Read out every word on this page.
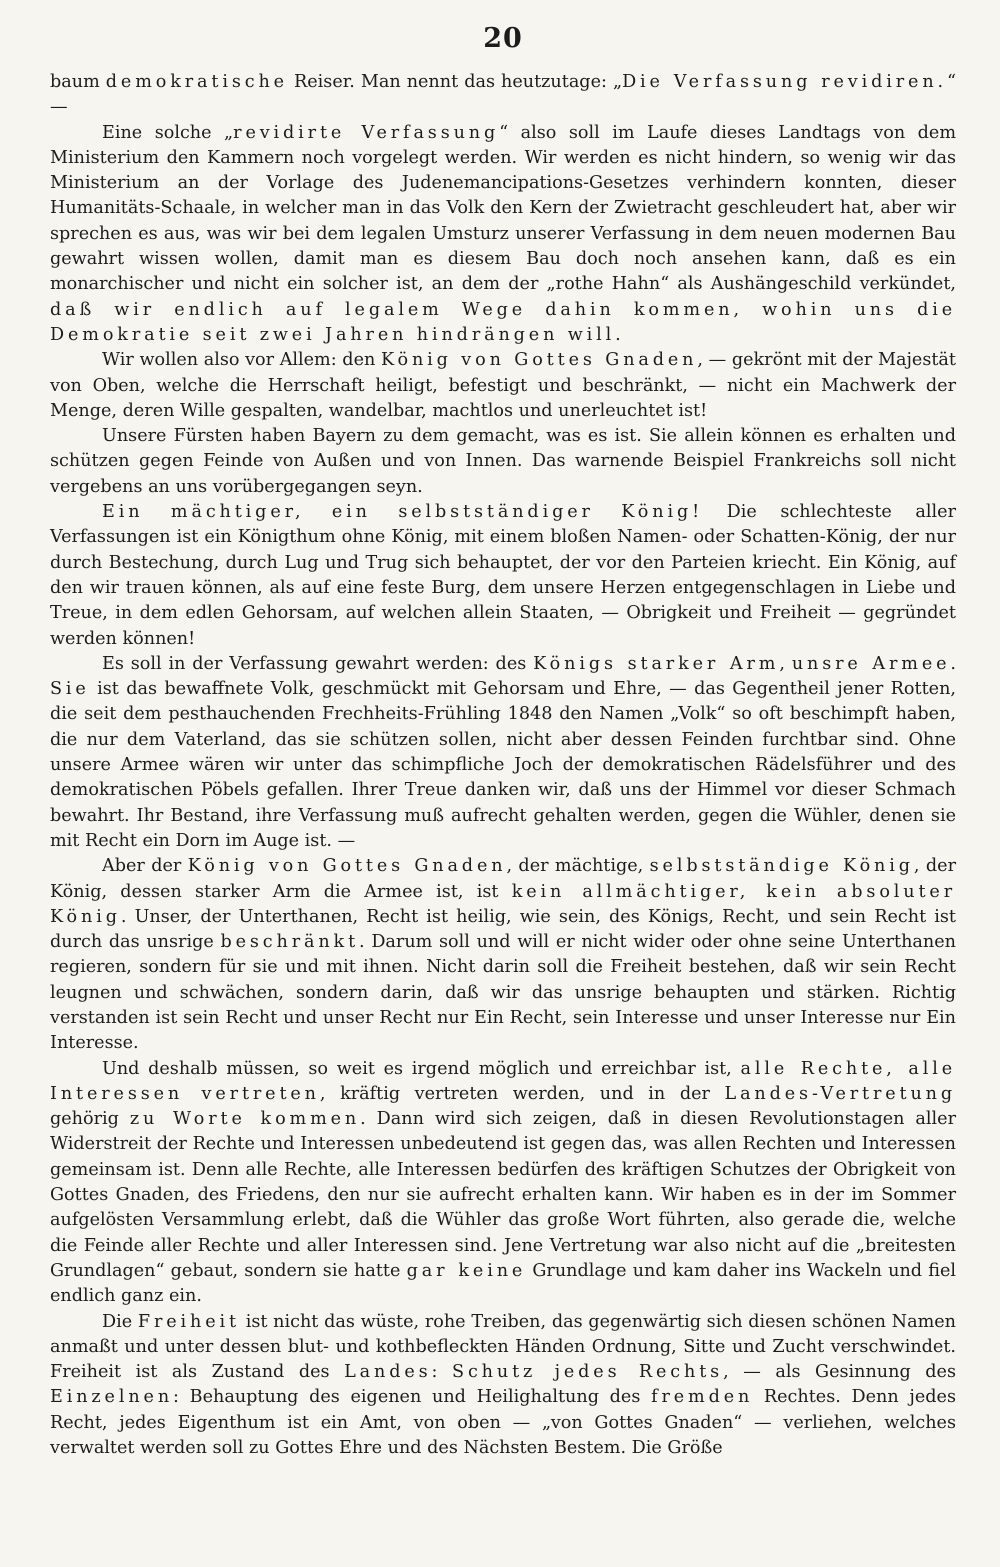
20

baum demokratische Reiser. Man nennt das heutzutage: „Die Verfassung revidiren.“ —

Eine solche „revidirte Verfassung“ also soll im Laufe dieses Landtags von dem Ministerium den Kammern noch vorgelegt werden. Wir werden es nicht hindern, so wenig wir das Ministerium an der Vorlage des Judenemancipations-Gesetzes verhindern konnten, dieser Humanitäts-Schaale, in welcher man in das Volk den Kern der Zwietracht geschleudert hat, aber wir sprechen es aus, was wir bei dem legalen Umsturz unserer Verfassung in dem neuen modernen Bau gewahrt wissen wollen, damit man es diesem Bau doch noch ansehen kann, daß es ein monarchischer und nicht ein solcher ist, an dem der „rothe Hahn“ als Aushängeschild verkündet, daß wir endlich auf legalem Wege dahin kommen, wohin uns die Demokratie seit zwei Jahren hindrängen will.

Wir wollen also vor Allem: den König von Gottes Gnaden, — gekrönt mit der Majestät von Oben, welche die Herrschaft heiligt, befestigt und beschränkt, — nicht ein Machwerk der Menge, deren Wille gespalten, wandelbar, machtlos und unerleuchtet ist!

Unsere Fürsten haben Bayern zu dem gemacht, was es ist. Sie allein können es erhalten und schützen gegen Feinde von Außen und von Innen. Das warnende Beispiel Frankreichs soll nicht vergebens an uns vorübergegangen seyn.

Ein mächtiger, ein selbstständiger König! Die schlechteste aller Verfassungen ist ein Königthum ohne König, mit einem bloßen Namen- oder Schatten-König, der nur durch Bestechung, durch Lug und Trug sich behauptet, der vor den Parteien kriecht. Ein König, auf den wir trauen können, als auf eine feste Burg, dem unsere Herzen entgegenschlagen in Liebe und Treue, in dem edlen Gehorsam, auf welchen allein Staaten, — Obrigkeit und Freiheit — gegründet werden können!

Es soll in der Verfassung gewahrt werden: des Königs starker Arm, unsre Armee. Sie ist das bewaffnete Volk, geschmückt mit Gehorsam und Ehre, — das Gegentheil jener Rotten, die seit dem pesthauchenden Frechheits-Frühling 1848 den Namen „Volk“ so oft beschimpft haben, die nur dem Vaterland, das sie schützen sollen, nicht aber dessen Feinden furchtbar sind. Ohne unsere Armee wären wir unter das schimpfliche Joch der demokratischen Rädelsführer und des demokratischen Pöbels gefallen. Ihrer Treue danken wir, daß uns der Himmel vor dieser Schmach bewahrt. Ihr Bestand, ihre Verfassung muß aufrecht gehalten werden, gegen die Wühler, denen sie mit Recht ein Dorn im Auge ist. —

Aber der König von Gottes Gnaden, der mächtige, selbstständige König, der König, dessen starker Arm die Armee ist, ist kein allmächtiger, kein absoluter König. Unser, der Unterthanen, Recht ist heilig, wie sein, des Königs, Recht, und sein Recht ist durch das unsrige beschränkt. Darum soll und will er nicht wider oder ohne seine Unterthanen regieren, sondern für sie und mit ihnen. Nicht darin soll die Freiheit bestehen, daß wir sein Recht leugnen und schwächen, sondern darin, daß wir das unsrige behaupten und stärken. Richtig verstanden ist sein Recht und unser Recht nur Ein Recht, sein Interesse und unser Interesse nur Ein Interesse.

Und deshalb müssen, so weit es irgend möglich und erreichbar ist, alle Rechte, alle Interessen vertreten, kräftig vertreten werden, und in der Landes-Vertretung gehörig zu Worte kommen. Dann wird sich zeigen, daß in diesen Revolutionstagen aller Widerstreit der Rechte und Interessen unbedeutend ist gegen das, was allen Rechten und Interessen gemeinsam ist. Denn alle Rechte, alle Interessen bedürfen des kräftigen Schutzes der Obrigkeit von Gottes Gnaden, des Friedens, den nur sie aufrecht erhalten kann. Wir haben es in der im Sommer aufgelösten Versammlung erlebt, daß die Wühler das große Wort führten, also gerade die, welche die Feinde aller Rechte und aller Interessen sind. Jene Vertretung war also nicht auf die „breitesten Grundlagen“ gebaut, sondern sie hatte gar keine Grundlage und kam daher ins Wackeln und fiel endlich ganz ein.

Die Freiheit ist nicht das wüste, rohe Treiben, das gegenwärtig sich diesen schönen Namen anmaßt und unter dessen blut- und kothbefleckten Händen Ordnung, Sitte und Zucht verschwindet. Freiheit ist als Zustand des Landes: Schutz jedes Rechts, — als Gesinnung des Einzelnen: Behauptung des eigenen und Heilighaltung des fremden Rechtes. Denn jedes Recht, jedes Eigenthum ist ein Amt, von oben — „von Gottes Gnaden“ — verliehen, welches verwaltet werden soll zu Gottes Ehre und des Nächsten Bestem. Die Größe
